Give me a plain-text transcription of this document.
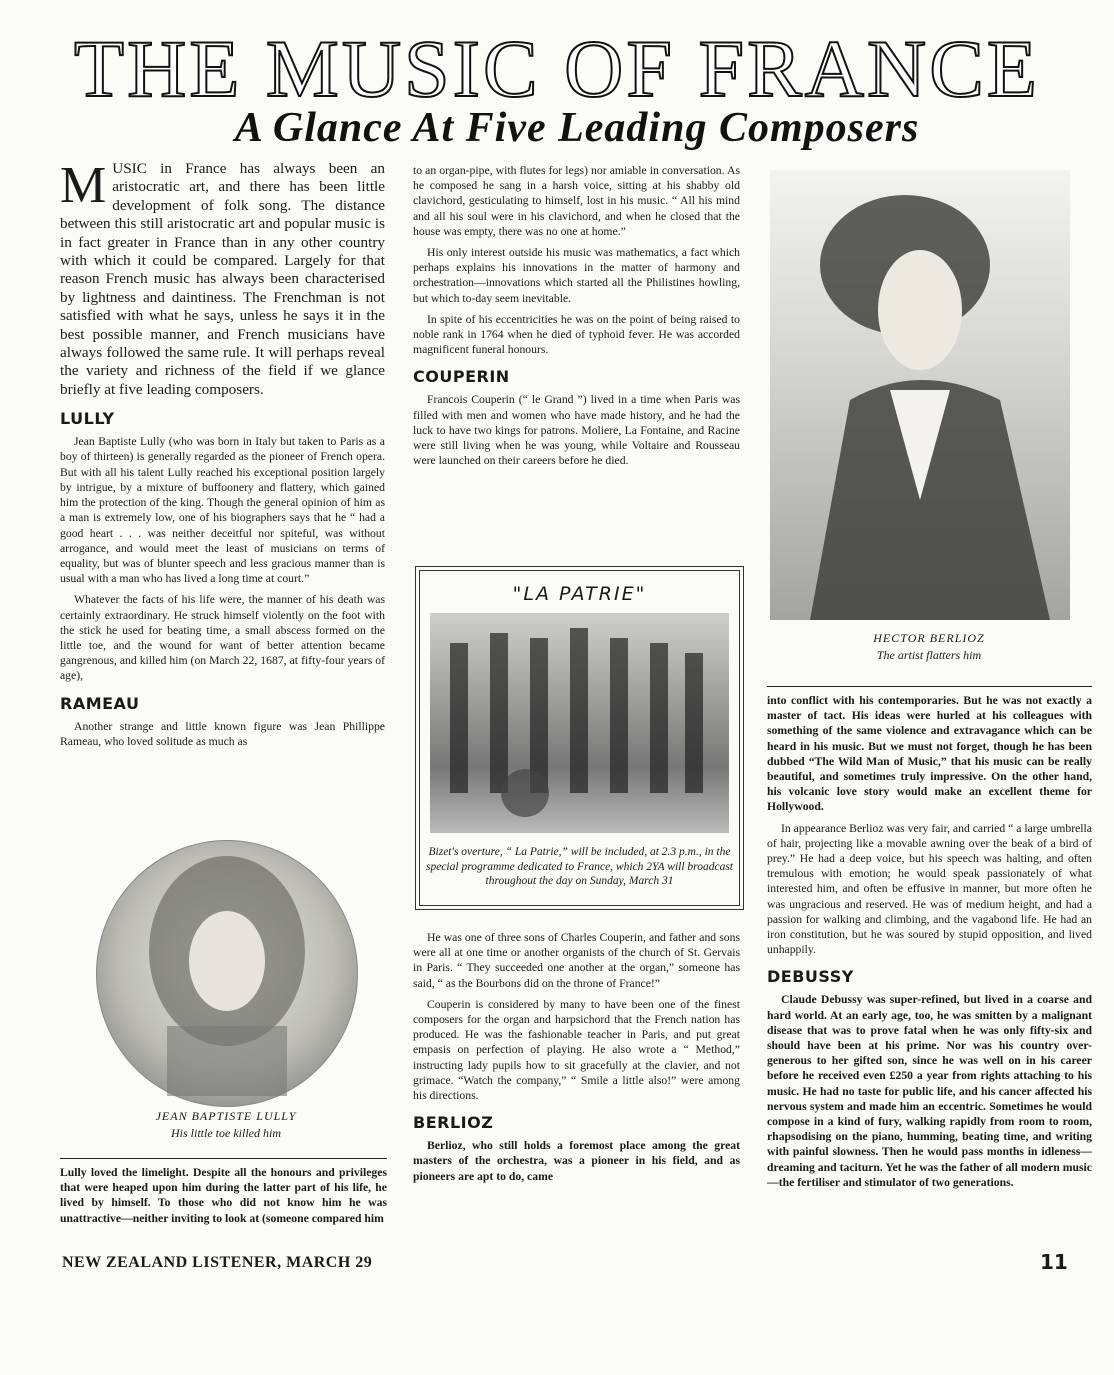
THE MUSIC OF FRANCE
A Glance At Five Leading Composers

MUSIC in France has always been an aristocratic art, and there has been little development of folk song. The distance between this still aristocratic art and popular music is in fact greater in France than in any other country with which it could be compared. Largely for that reason French music has always been characterised by lightness and daintiness. The Frenchman is not satisfied with what he says, unless he says it in the best possible manner, and French musicians have always followed the same rule. It will perhaps reveal the variety and richness of the field if we glance briefly at five leading composers.

LULLY

Jean Baptiste Lully (who was born in Italy but taken to Paris as a boy of thirteen) is generally regarded as the pioneer of French opera. But with all his talent Lully reached his exceptional position largely by intrigue, by a mixture of buffoonery and flattery, which gained him the protection of the king. Though the general opinion of him as a man is extremely low, one of his biographers says that he “ had a good heart . . . was neither deceitful nor spiteful, was without arrogance, and would meet the least of musicians on terms of equality, but was of blunter speech and less gracious manner than is usual with a man who has lived a long time at court.”

Whatever the facts of his life were, the manner of his death was certainly extraordinary. He struck himself violently on the foot with the stick he used for beating time, a small abscess formed on the little toe, and the wound for want of better attention became gangrenous, and killed him (on March 22, 1687, at fifty-four years of age),

RAMEAU

Another strange and little known figure was Jean Phillippe Rameau, who loved solitude as much as

JEAN BAPTISTE LULLY
His little toe killed him

Lully loved the limelight. Despite all the honours and privileges that were heaped upon him during the latter part of his life, he lived by himself. To those who did not know him he was unattractive—neither inviting to look at (someone compared him

to an organ-pipe, with flutes for legs) nor amiable in conversation. As he composed he sang in a harsh voice, sitting at his shabby old clavichord, gesticulating to himself, lost in his music. “ All his mind and all his soul were in his clavichord, and when he closed that the house was empty, there was no one at home.”

His only interest outside his music was mathematics, a fact which perhaps explains his innovations in the matter of harmony and orchestration—innovations which started all the Philistines howling, but which to-day seem inevitable.

In spite of his eccentricities he was on the point of being raised to noble rank in 1764 when he died of typhoid fever. He was accorded magnificent funeral honours.

COUPERIN

Francois Couperin (“ le Grand ”) lived in a time when Paris was filled with men and women who have made history, and he had the luck to have two kings for patrons. Moliere, La Fontaine, and Racine were still living when he was young, while Voltaire and Rousseau were launched on their careers before he died.

"LA PATRIE"
Bizet's overture, “ La Patrie,” will be included, at 2.3 p.m., in the special programme dedicated to France, which 2YA will broadcast throughout the day on Sunday, March 31

He was one of three sons of Charles Couperin, and father and sons were all at one time or another organists of the church of St. Gervais in Paris. “ They succeeded one another at the organ,” someone has said, “ as the Bourbons did on the throne of France!”

Couperin is considered by many to have been one of the finest composers for the organ and harpsichord that the French nation has produced. He was the fashionable teacher in Paris, and put great empasis on perfection of playing. He also wrote a “ Method,” instructing lady pupils how to sit gracefully at the clavier, and not grimace. “Watch the company,” “ Smile a little also!” were among his directions.

BERLIOZ

Berlioz, who still holds a foremost place among the great masters of the orchestra, was a pioneer in his field, and as pioneers are apt to do, came

HECTOR BERLIOZ
The artist flatters him

into conflict with his contemporaries. But he was not exactly a master of tact. His ideas were hurled at his colleagues with something of the same violence and extravagance which can be heard in his music. But we must not forget, though he has been dubbed “The Wild Man of Music,” that his music can be really beautiful, and sometimes truly impressive. On the other hand, his volcanic love story would make an excellent theme for Hollywood.

In appearance Berlioz was very fair, and carried “ a large umbrella of hair, projecting like a movable awning over the beak of a bird of prey.” He had a deep voice, but his speech was halting, and often tremulous with emotion; he would speak passionately of what interested him, and often be effusive in manner, but more often he was ungracious and reserved. He was of medium height, and had a passion for walking and climbing, and the vagabond life. He had an iron constitution, but he was soured by stupid opposition, and lived unhappily.

DEBUSSY

Claude Debussy was super-refined, but lived in a coarse and hard world. At an early age, too, he was smitten by a malignant disease that was to prove fatal when he was only fifty-six and should have been at his prime. Nor was his country over-generous to her gifted son, since he was well on in his career before he received even £250 a year from rights attaching to his music. He had no taste for public life, and his cancer affected his nervous system and made him an eccentric. Sometimes he would compose in a kind of fury, walking rapidly from room to room, rhapsodising on the piano, humming, beating time, and writing with painful slowness. Then he would pass months in idleness—dreaming and taciturn. Yet he was the father of all modern music—the fertiliser and stimulator of two generations.

NEW ZEALAND LISTENER, MARCH 29	11
